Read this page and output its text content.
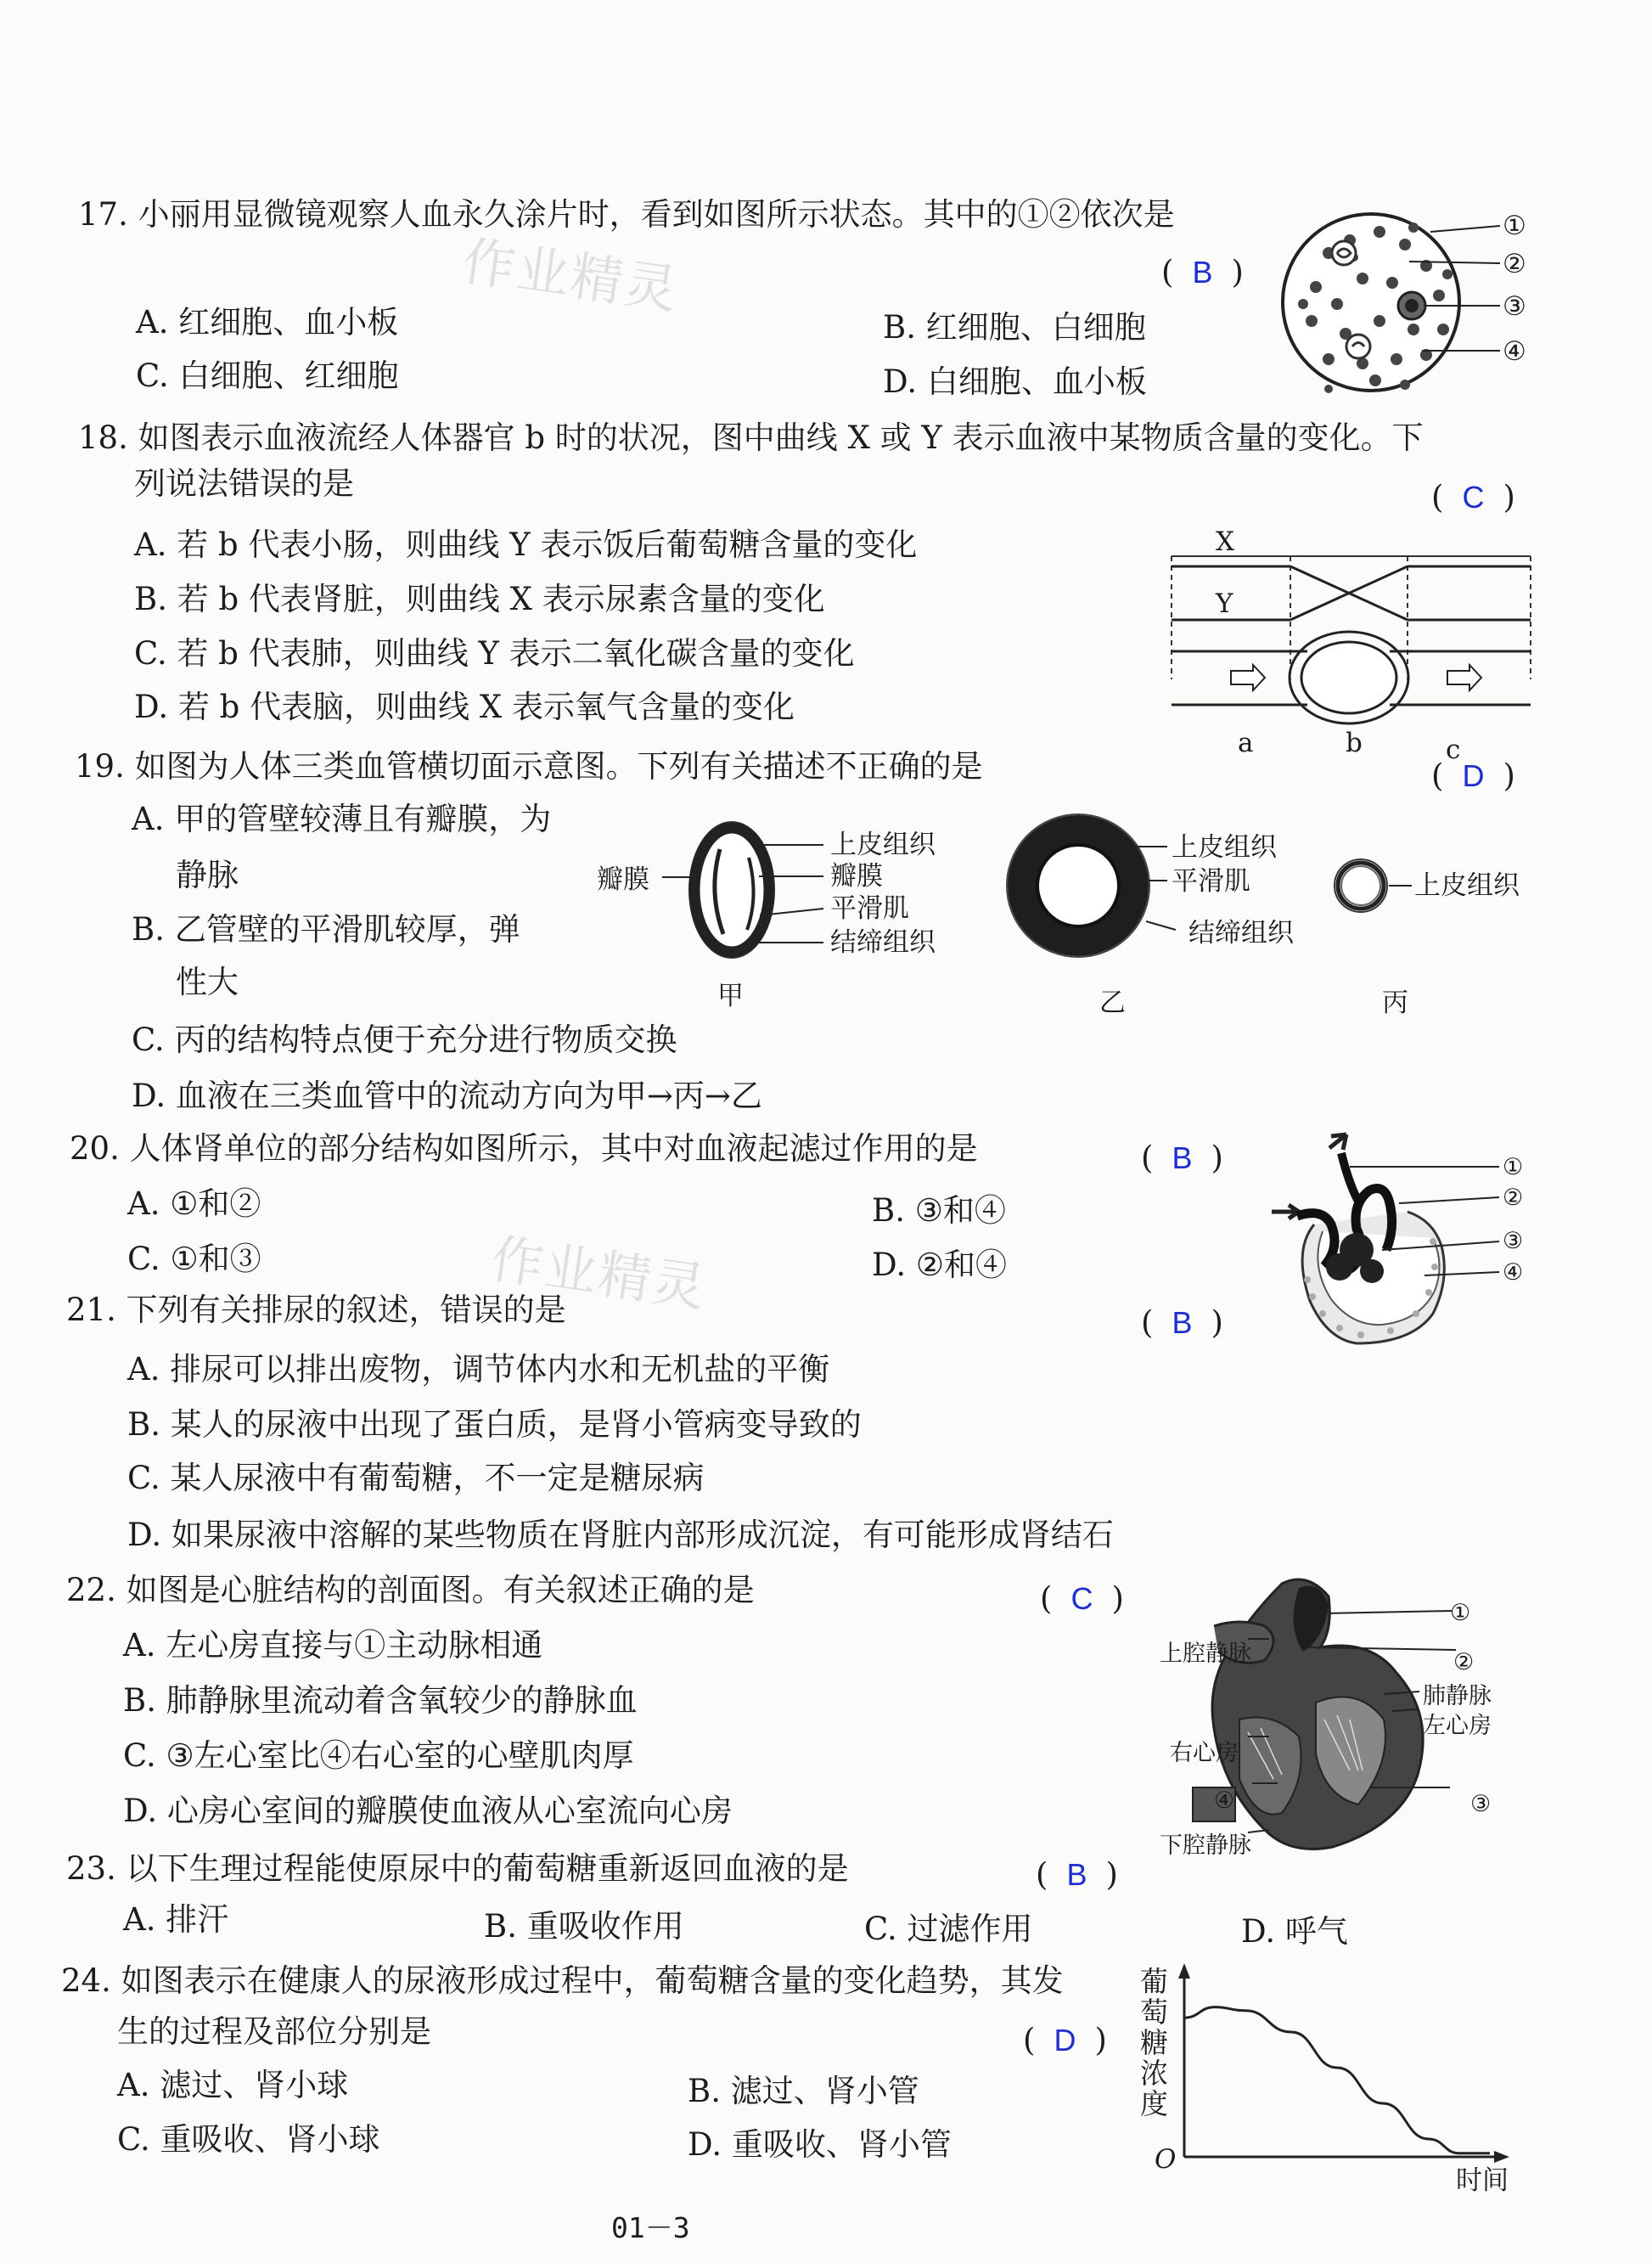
作业精灵
作业精灵
17. 小丽用显微镜观察人血永久涂片时，看到如图所示状态。其中的①②依次是
( B )
A. 红细胞、血小板	B. 红细胞、白细胞
C. 白细胞、红细胞	D. 白细胞、血小板
①
②
③
④
18. 如图表示血液流经人体器官 b 时的状况，图中曲线 X 或 Y 表示血液中某物质含量的变化。下
列说法错误的是	( C )
A. 若 b 代表小肠，则曲线 Y 表示饭后葡萄糖含量的变化
B. 若 b 代表肾脏，则曲线 X 表示尿素含量的变化
C. 若 b 代表肺，则曲线 Y 表示二氧化碳含量的变化
D. 若 b 代表脑，则曲线 X 表示氧气含量的变化
X
Y
a	b	c
19. 如图为人体三类血管横切面示意图。下列有关描述不正确的是	( D )
A. 甲的管壁较薄且有瓣膜，为
静脉
B. 乙管壁的平滑肌较厚，弹
性大
C. 丙的结构特点便于充分进行物质交换
D. 血液在三类血管中的流动方向为甲→丙→乙
瓣膜
上皮组织
瓣膜
平滑肌
结缔组织
甲
上皮组织
平滑肌
结缔组织
乙
上皮组织
丙
20. 人体肾单位的部分结构如图所示，其中对血液起滤过作用的是	( B )
A. ①和②	B. ③和④
C. ①和③	D. ②和④
①
②
③
④
21. 下列有关排尿的叙述，错误的是	( B )
A. 排尿可以排出废物，调节体内水和无机盐的平衡
B. 某人的尿液中出现了蛋白质，是肾小管病变导致的
C. 某人尿液中有葡萄糖，不一定是糖尿病
D. 如果尿液中溶解的某些物质在肾脏内部形成沉淀，有可能形成肾结石
22. 如图是心脏结构的剖面图。有关叙述正确的是	( C )
A. 左心房直接与①主动脉相通
B. 肺静脉里流动着含氧较少的静脉血
C. ③左心室比④右心室的心壁肌肉厚
D. 心房心室间的瓣膜使血液从心室流向心房
①
②
上腔静脉
肺静脉
左心房
右心房
④	③
下腔静脉
23. 以下生理过程能使原尿中的葡萄糖重新返回血液的是	( B )
A. 排汗	B. 重吸收作用	C. 过滤作用	D. 呼气
24. 如图表示在健康人的尿液形成过程中，葡萄糖含量的变化趋势，其发
生的过程及部位分别是	( D )
A. 滤过、肾小球	B. 滤过、肾小管
C. 重吸收、肾小球	D. 重吸收、肾小管
葡萄糖浓度
O
时间
01－3
